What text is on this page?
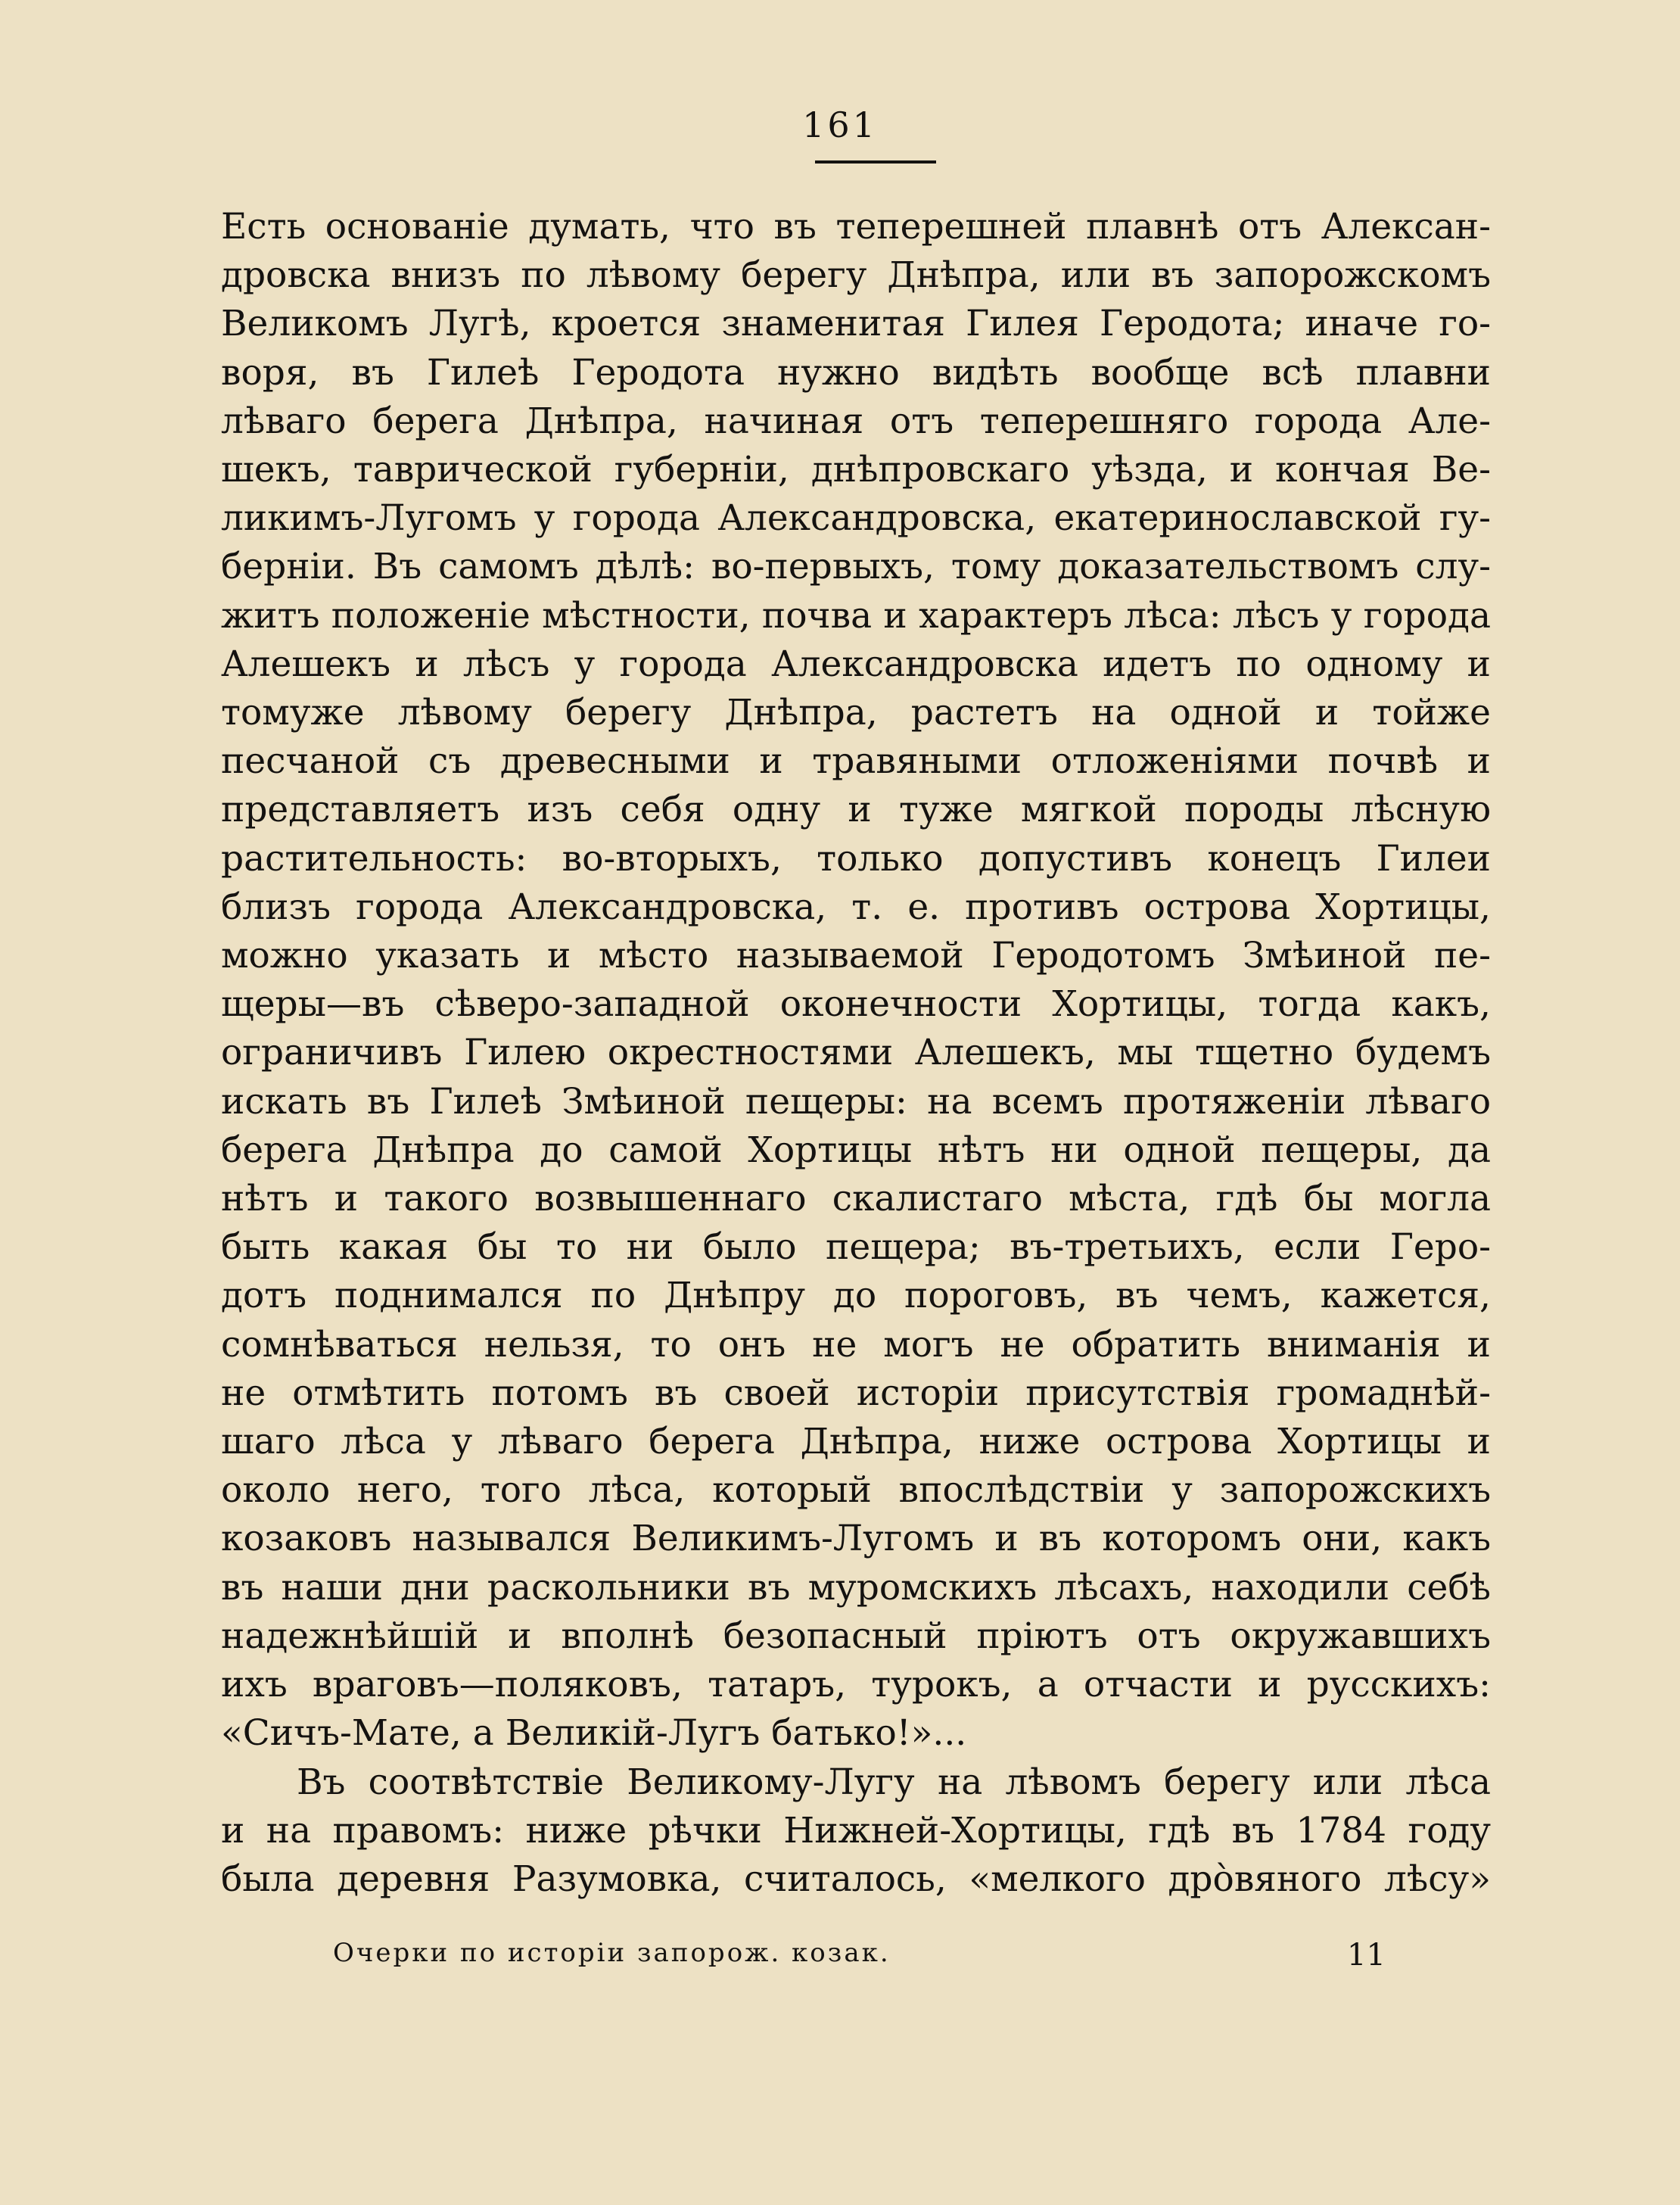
161
Есть основаніе думать, что въ теперешней плавнѣ отъ Алексан-
дровска внизъ по лѣвому берегу Днѣпра, или въ запорожскомъ
Великомъ Лугѣ, кроется знаменитая Гилея Геродота; иначе го-
воря, въ Гилеѣ Геродота нужно видѣть вообще всѣ плавни
лѣваго берега Днѣпра, начиная отъ теперешняго города Але-
шекъ, таврической губерніи, днѣпровскаго уѣзда, и кончая Ве-
ликимъ-Лугомъ у города Александровска, екатеринославской гу-
берніи. Въ самомъ дѣлѣ: во-первыхъ, тому доказательствомъ слу-
житъ положеніе мѣстности, почва и характеръ лѣса: лѣсъ у города
Алешекъ и лѣсъ у города Александровска идетъ по одному и
томуже лѣвому берегу Днѣпра, растетъ на одной и тойже
песчаной съ древесными и травяными отложеніями почвѣ и
представляетъ изъ себя одну и туже мягкой породы лѣсную
растительность: во-вторыхъ, только допустивъ конецъ Гилеи
близъ города Александровска, т. е. противъ острова Хортицы,
можно указать и мѣсто называемой Геродотомъ Змѣиной пе-
щеры—въ сѣверо-западной оконечности Хортицы, тогда какъ,
ограничивъ Гилею окрестностями Алешекъ, мы тщетно будемъ
искать въ Гилеѣ Змѣиной пещеры: на всемъ протяженіи лѣваго
берега Днѣпра до самой Хортицы нѣтъ ни одной пещеры, да
нѣтъ и такого возвышеннаго скалистаго мѣста, гдѣ бы могла
быть какая бы то ни было пещера; въ-третьихъ, если Геро-
дотъ поднимался по Днѣпру до пороговъ, въ чемъ, кажется,
сомнѣваться нельзя, то онъ не могъ не обратить вниманія и
не отмѣтить потомъ въ своей исторіи присутствія громаднѣй-
шаго лѣса у лѣваго берега Днѣпра, ниже острова Хортицы и
около него, того лѣса, который впослѣдствіи у запорожскихъ
козаковъ назывался Великимъ-Лугомъ и въ которомъ они, какъ
въ наши дни раскольники въ муромскихъ лѣсахъ, находили себѣ
надежнѣйшій и вполнѣ безопасный пріютъ отъ окружавшихъ
ихъ враговъ—поляковъ, татаръ, турокъ, а отчасти и русскихъ:
«Сичъ-Мате, а Великій-Лугъ батько!»...
Въ соотвѣтствіе Великому-Лугу на лѣвомъ берегу или лѣса
и на правомъ: ниже рѣчки Нижней-Хортицы, гдѣ въ 1784 году
была деревня Разумовка, считалось, «мелкого дрòвяного лѣсу»
Очерки по исторіи запорож. козак.	11
